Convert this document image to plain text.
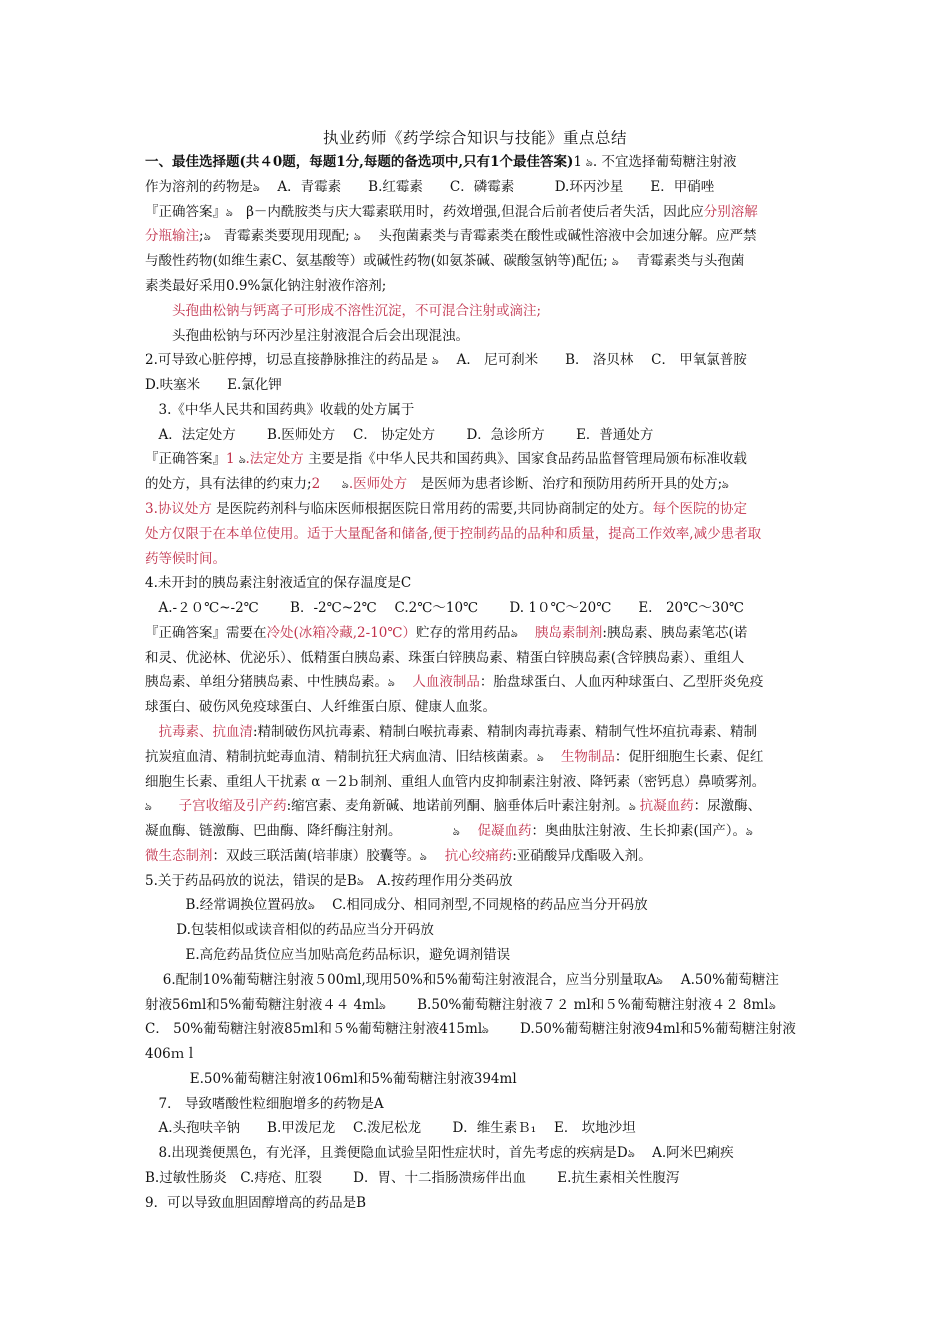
执业药师《药学综合知识与技能》重点总结
一、最佳选择题(共４0题，每题1分,每题的备选项中,只有1个最佳答案)1 ঌ. 不宜选择葡萄糖注射液
作为溶剂的药物是ঌ　 A．青霉素　　B.红霉素　　C．磷霉素　　　D.环丙沙星　　E．甲硝唑
『正确答案』ঌ　β－内酰胺类与庆大霉素联用时，药效增强,但混合后前者使后者失活，因此应分别溶解
分瓶输注;ঌ　青霉素类要现用现配; ঌ　 头孢菌素类与青霉素类在酸性或碱性溶液中会加速分解。应严禁
与酸性药物(如维生素C、氨基酸等）或碱性药物(如氨茶碱、碳酸氢钠等)配伍; ঌ　 青霉素类与头孢菌
素类最好采用0.9%氯化钠注射液作溶剂;
　　头孢曲松钠与钙离子可形成不溶性沉淀，不可混合注射或滴注;
　　头孢曲松钠与环丙沙星注射液混合后会出现混浊。
2.可导致心脏停搏，切忌直接静脉推注的药品是 ঌ　 A． 尼可刹米　　B． 洛贝林　 C． 甲氧氯普胺
D.呋塞米　　E.氯化钾
　3.《中华人民共和国药典》收载的处方属于
　A．法定处方　　 B.医师处方　 C． 协定处方　　 D．急诊所方　　 E．普通处方
『正确答案』1 ঌ.法定处方 主要是指《中华人民共和国药典》、国家食品药品监督管理局颁布标准收载
的处方，具有法律的约束力;2 　 ঌ.医师处方　是医师为患者诊断、治疗和预防用药所开具的处方;ঌ
3.协议处方 是医院药剂科与临床医师根据医院日常用药的需要,共同协商制定的处方。每个医院的协定
处方仅限于在本单位使用。适于大量配备和储备,便于控制药品的品种和质量，提高工作效率,减少患者取
药等候时间。
4.未开封的胰岛素注射液适宜的保存温度是C
　A.-２０℃~-2℃　　 B．-2℃~2℃　 C.2℃～10℃　　 D. 1０℃～20℃　　E.　20℃～30℃
『正确答案』需要在冷处(冰箱冷藏,2-10℃）贮存的常用药品ঌ　 胰岛素制剂:胰岛素、胰岛素笔芯(诺
和灵、优泌林、优泌乐）、低精蛋白胰岛素、珠蛋白锌胰岛素、精蛋白锌胰岛素(含锌胰岛素）、重组人
胰岛素、单组分猪胰岛素、中性胰岛素。ঌ　 人血液制品：胎盘球蛋白、人血丙种球蛋白、乙型肝炎免疫
球蛋白、破伤风免疫球蛋白、人纤维蛋白原、健康人血浆。
　抗毒素、抗血清:精制破伤风抗毒素、精制白喉抗毒素、精制肉毒抗毒素、精制气性坏疽抗毒素、精制
抗炭疽血清、精制抗蛇毒血清、精制抗狂犬病血清、旧结核菌素。ঌ　 生物制品：促肝细胞生长素、促红
细胞生长素、重组人干扰素 α －2ｂ制剂、重组人血管内皮抑制素注射液、降钙素（密钙息）鼻喷雾剂。
ঌ　　 子宫收缩及引产药:缩宫素、麦角新碱、地诺前列酮、脑垂体后叶素注射剂。ঌ 抗凝血药：尿激酶、
凝血酶、链激酶、巴曲酶、降纤酶注射剂。　　　　 ঌ　 促凝血药：奥曲肽注射液、生长抑素(国产）。ঌ
微生态制剂：双歧三联活菌(培菲康）胶囊等。ঌ　 抗心绞痛药:亚硝酸异戊酯吸入剂。
5.关于药品码放的说法，错误的是Bঌ　A.按药理作用分类码放
　　　B.经常调换位置码放ঌ　 C.相同成分、相同剂型,不同规格的药品应当分开码放
　　 D.包装相似或读音相似的药品应当分开码放
　　　E.高危药品货位应当加贴高危药品标识，避免调剂错误
　 6.配制10%葡萄糖注射液５00ml,现用50%和5%葡萄注射液混合，应当分别量取Aঌ　 A.50%葡萄糖注
射液56ml和5%葡萄糖注射液４４ 4mlঌ　　 B.50%葡萄糖注射液７２ ml和５%葡萄糖注射液４２ 8mlঌ
C． 50%葡萄糖注射液85ml和５%葡萄糖注射液415mlঌ　　 D.50%葡萄糖注射液94ml和5%葡萄糖注射液
406ｍｌ
　　　 E.50%葡萄糖注射液106ml和5%葡萄糖注射液394ml
　7． 导致嗜酸性粒细胞增多的药物是A
　A.头孢呋辛钠　　B.甲泼尼龙　 C.泼尼松龙　　 D．维生素Ｂ₁　 E． 坎地沙坦
　8.出现粪便黑色，有光泽，且粪便隐血试验呈阳性症状时，首先考虑的疾病是Dঌ　 A.阿米巴痢疾
B.过敏性肠炎　C.痔疮、肛裂　　 D．胃、十二指肠溃疡伴出血　　 E.抗生素相关性腹泻
9．可以导致血胆固醇增高的药品是B
